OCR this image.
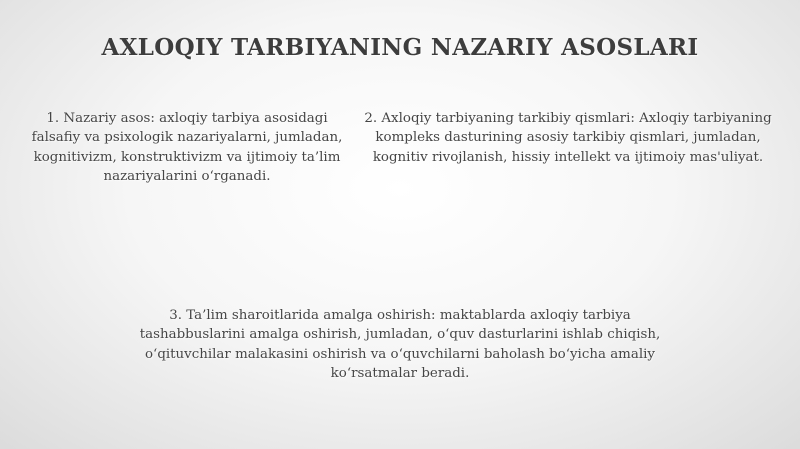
AXLOQIY TARBIYANING NAZARIY ASOSLARI
1. Nazariy asos: axloqiy tarbiya asosidagi falsafiy va psixologik nazariyalarni, jumladan, kognitivizm, konstruktivizm va ijtimoiy ta’lim nazariyalarini oʻrganadi.
2. Axloqiy tarbiyaning tarkibiy qismlari: Axloqiy tarbiyaning kompleks dasturining asosiy tarkibiy qismlari, jumladan, kognitiv rivojlanish, hissiy intellekt va ijtimoiy mas'uliyat.
3. Ta’lim sharoitlarida amalga oshirish: maktablarda axloqiy tarbiya tashabbuslarini amalga oshirish, jumladan, oʻquv dasturlarini ishlab chiqish, oʻqituvchilar malakasini oshirish va oʻquvchilarni baholash boʻyicha amaliy koʻrsatmalar beradi.
